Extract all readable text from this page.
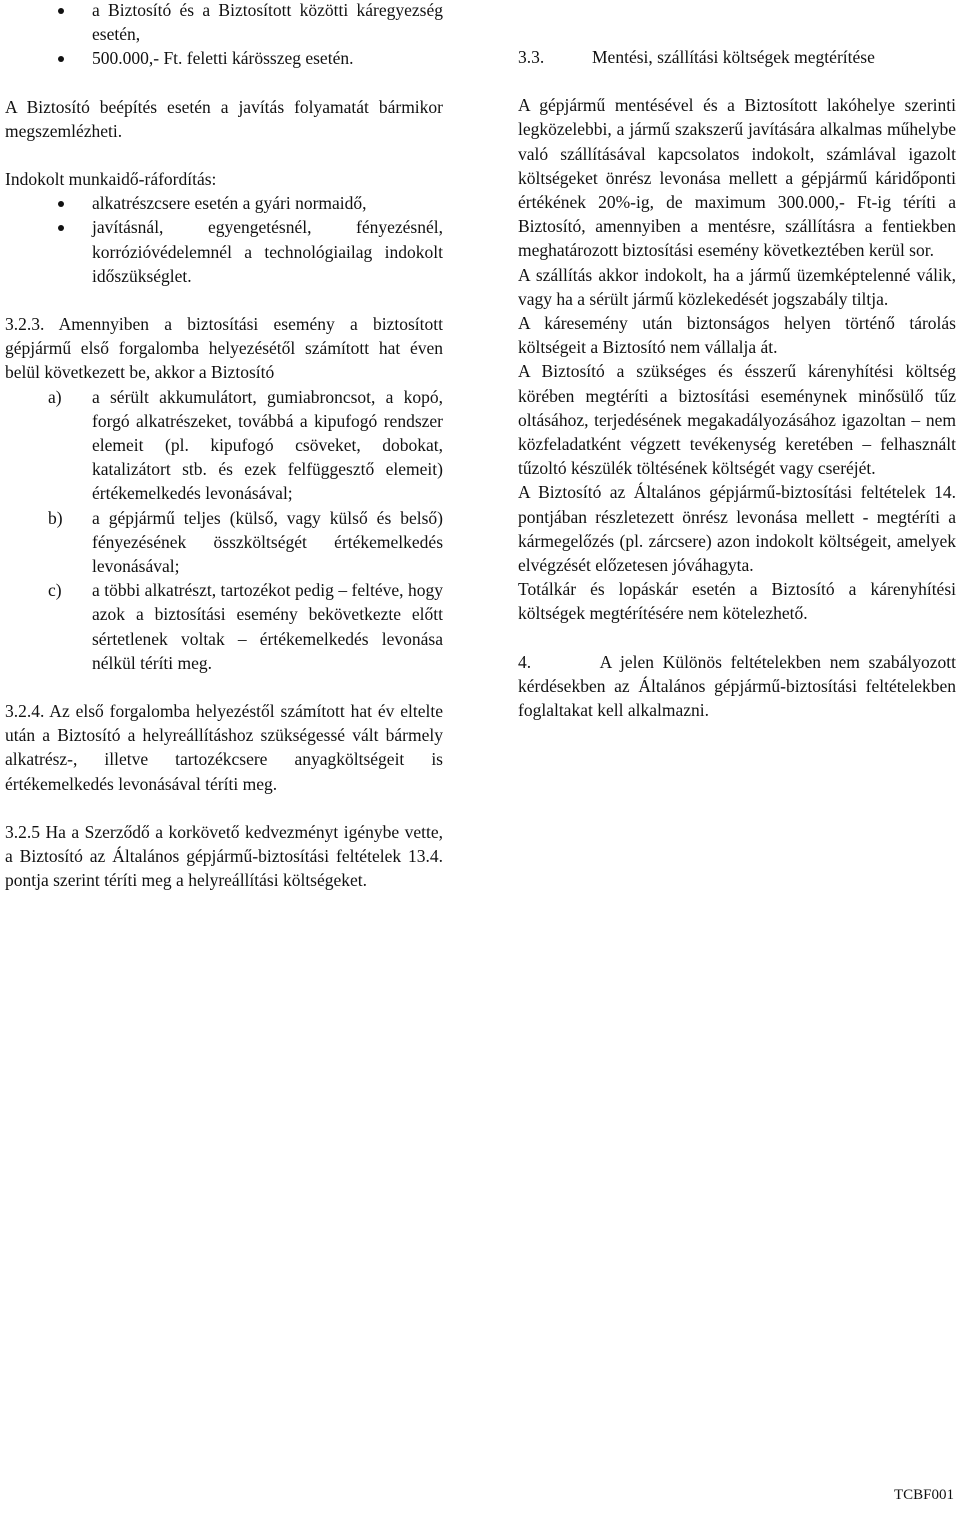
a Biztosító és a Biztosított közötti káregyezség esetén,
500.000,- Ft. feletti kárösszeg esetén.

A Biztosító beépítés esetén a javítás folyamatát bármikor megszemlézheti.

Indokolt munkaidő-ráfordítás:

alkatrészcsere esetén a gyári normaidő,
javításnál, egyengetésnél, fényezésnél, korrózióvédelemnél a technológiailag indokolt időszükséglet.

3.2.3. Amennyiben a biztosítási esemény a biztosított gépjármű első forgalomba helyezésétől számított hat éven belül következett be, akkor a Biztosító

a) a sérült akkumulátort, gumiabroncsot, a kopó, forgó alkatrészeket, továbbá a kipufogó rendszer elemeit (pl. kipufogó csöveket, dobokat, katalizátort stb. és ezek felfüggesztő elemeit) értékemelkedés levonásával;
b) a gépjármű teljes (külső, vagy külső és belső) fényezésének összköltségét értékemelkedés levonásával;
c) a többi alkatrészt, tartozékot pedig – feltéve, hogy azok a biztosítási esemény bekövetkezte előtt sértetlenek voltak – értékemelkedés levonása nélkül téríti meg.

3.2.4. Az első forgalomba helyezéstől számított hat év eltelte után a Biztosító a helyreállításhoz szükségessé vált bármely alkatrész-, illetve tartozékcsere anyagköltségeit is értékemelkedés levonásával téríti meg.

3.2.5 Ha a Szerződő a korkövető kedvezményt igénybe vette, a Biztosító az Általános gépjármű-biztosítási feltételek 13.4. pontja szerint téríti meg a helyreállítási költségeket.

3.3.	Mentési, szállítási költségek megtérítése

A gépjármű mentésével és a Biztosított lakóhelye szerinti legközelebbi, a jármű szakszerű javítására alkalmas műhelybe való szállításával kapcsolatos indokolt, számlával igazolt költségeket önrész levonása mellett a gépjármű káridőponti értékének 20%-ig, de maximum 300.000,- Ft-ig téríti a Biztosító, amennyiben a mentésre, szállításra a fentiekben meghatározott biztosítási esemény következtében kerül sor.

A szállítás akkor indokolt, ha a jármű üzemképtelenné válik, vagy ha a sérült jármű közlekedését jogszabály tiltja.

A káresemény után biztonságos helyen történő tárolás költségeit a Biztosító nem vállalja át.

A Biztosító a szükséges és ésszerű kárenyhítési költség körében megtéríti a biztosítási eseménynek minősülő tűz oltásához, terjedésének megakadályozásához igazoltan – nem közfeladatként végzett tevékenység keretében – felhasznált tűzoltó készülék töltésének költségét vagy cseréjét.

A Biztosító az Általános gépjármű-biztosítási feltételek 14. pontjában részletezett önrész levonása mellett - megtéríti a kármegelőzés (pl. zárcsere) azon indokolt költségeit, amelyek elvégzését előzetesen jóváhagyta.

Totálkár és lopáskár esetén a Biztosító a kárenyhítési költségek megtérítésére nem kötelezhető.

4.        A jelen Különös feltételekben nem szabályozott kérdésekben az Általános gépjármű-biztosítási feltételekben foglaltakat kell alkalmazni.

TCBF001
